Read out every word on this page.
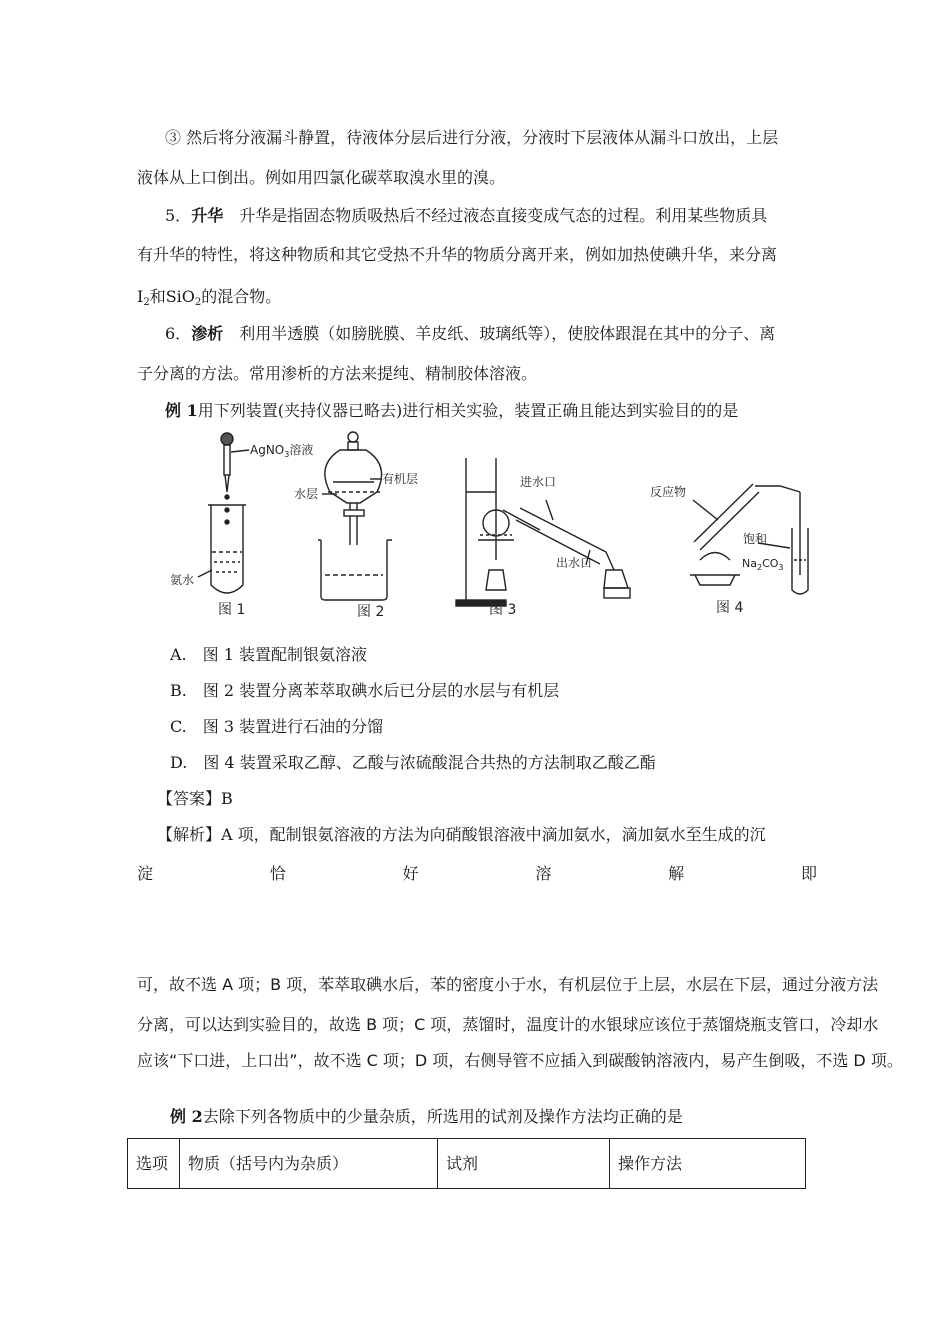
③ 然后将分液漏斗静置，待液体分层后进行分液，分液时下层液体从漏斗口放出，上层
液体从上口倒出。例如用四氯化碳萃取溴水里的溴。
5．升华　升华是指固态物质吸热后不经过液态直接变成气态的过程。利用某些物质具
有升华的特性，将这种物质和其它受热不升华的物质分离开来，例如加热使碘升华，来分离
$I_2$和SiO$_2$的混合物。
6．渗析　利用半透膜（如膀胱膜、羊皮纸、玻璃纸等），使胶体跟混在其中的分子、离
子分离的方法。常用渗析的方法来提纯、精制胶体溶液。
例 1用下列装置(夹持仪器已略去)进行相关实验，装置正确且能达到实验目的的是
AgNO$_3$溶液
氨水
图 1
有机层
水层
图 2
进水口
出水口
图 3
反应物
饱和
$Na_2CO_3$
图 4
A.　图 1 装置配制银氨溶液
B.　图 2 装置分离苯萃取碘水后已分层的水层与有机层
C.　图 3 装置进行石油的分馏
D.　图 4 装置采取乙醇、乙酸与浓硫酸混合共热的方法制取乙酸乙酯
【答案】B
【解析】A 项，配制银氨溶液的方法为向硝酸银溶液中滴加氨水，滴加氨水至生成的沉
淀	恰	好	溶	解	即
可，故不选 A 项；B 项，苯萃取碘水后，苯的密度小于水，有机层位于上层，水层在下层，通过分液方法
分离，可以达到实验目的，故选 B 项；C 项，蒸馏时，温度计的水银球应该位于蒸馏烧瓶支管口，冷却水
应该“下口进，上口出”，故不选 C 项；D 项，右侧导管不应插入到碳酸钠溶液内，易产生倒吸，不选 D 项。
例 2去除下列各物质中的少量杂质，所选用的试剂及操作方法均正确的是
选项	物质（括号内为杂质）	试剂	操作方法
